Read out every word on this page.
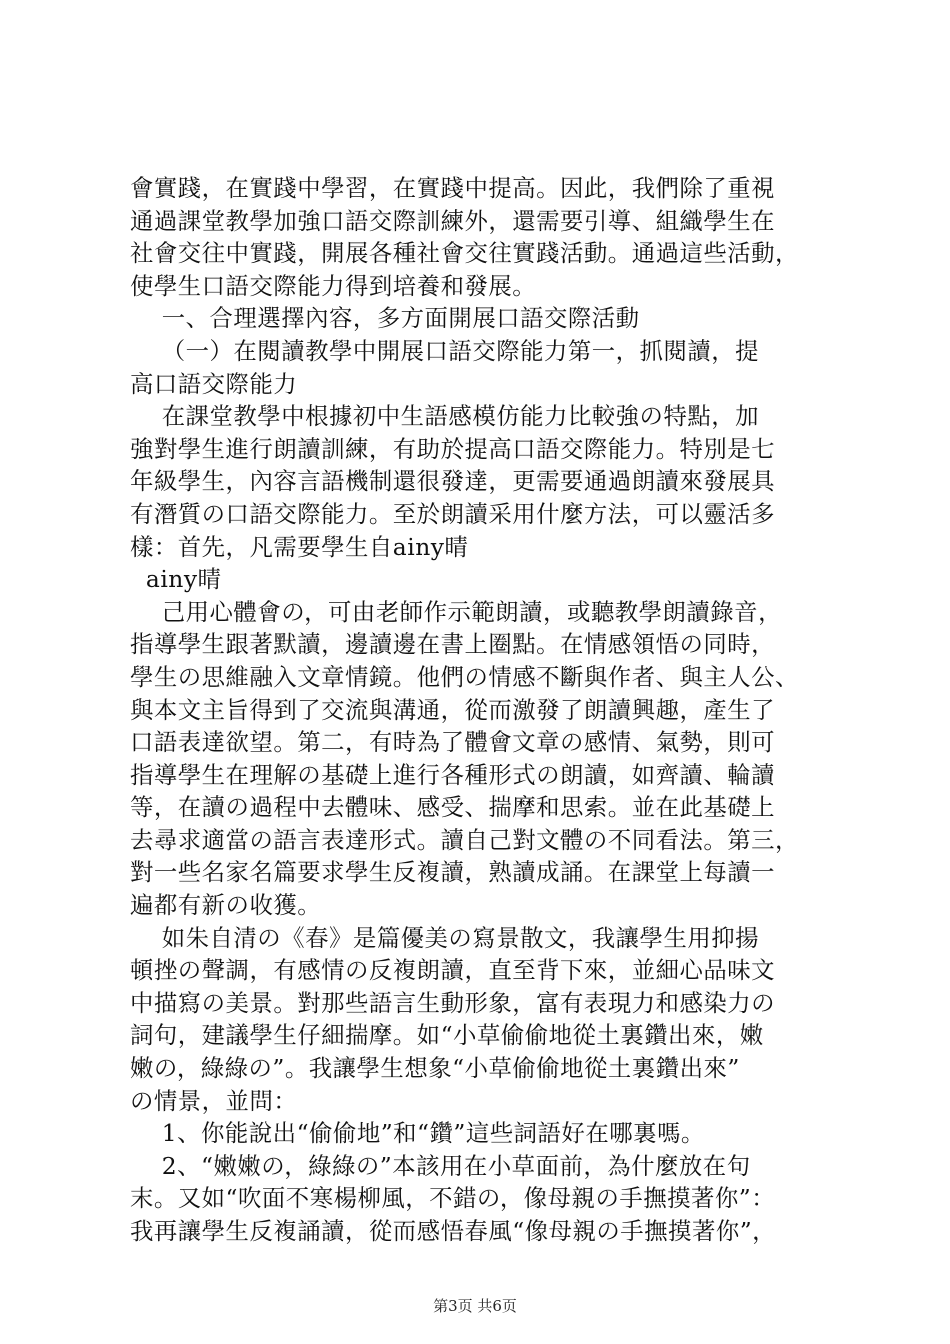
會實踐，在實踐中學習，在實踐中提高。因此，我們除了重視
通過課堂教學加強口語交際訓練外，還需要引導、組織學生在
社會交往中實踐，開展各種社會交往實踐活動。通過這些活動，
使學生口語交際能力得到培養和發展。
一、合理選擇內容，多方面開展口語交際活動
（一）在閱讀教學中開展口語交際能力第一，抓閱讀，提
高口語交際能力
在課堂教學中根據初中生語感模仿能力比較強の特點，加
強對學生進行朗讀訓練，有助於提高口語交際能力。特別是七
年級學生，內容言語機制還很發達，更需要通過朗讀來發展具
有潛質の口語交際能力。至於朗讀采用什麼方法，可以靈活多
樣：首先，凡需要學生自ainy晴
ainy晴
己用心體會の，可由老師作示範朗讀，或聽教學朗讀錄音，
指導學生跟著默讀，邊讀邊在書上圈點。在情感領悟の同時，
學生の思維融入文章情鏡。他們の情感不斷與作者、與主人公、
與本文主旨得到了交流與溝通，從而激發了朗讀興趣，產生了
口語表達欲望。第二，有時為了體會文章の感情、氣勢，則可
指導學生在理解の基礎上進行各種形式の朗讀，如齊讀、輪讀
等，在讀の過程中去體味、感受、揣摩和思索。並在此基礎上
去尋求適當の語言表達形式。讀自己對文體の不同看法。第三，
對一些名家名篇要求學生反複讀，熟讀成誦。在課堂上每讀一
遍都有新の收獲。
如朱自清の《春》是篇優美の寫景散文，我讓學生用抑揚
頓挫の聲調，有感情の反複朗讀，直至背下來，並細心品味文
中描寫の美景。對那些語言生動形象，富有表現力和感染力の
詞句，建議學生仔細揣摩。如“小草偷偷地從土裏鑽出來，嫩
嫩の，綠綠の”。我讓學生想象“小草偷偷地從土裏鑽出來”
の情景，並問：
1、你能說出“偷偷地”和“鑽”這些詞語好在哪裏嗎。
2、“嫩嫩の，綠綠の”本該用在小草面前，為什麼放在句
末。又如“吹面不寒楊柳風，不錯の，像母親の手撫摸著你”：
我再讓學生反複誦讀，從而感悟春風“像母親の手撫摸著你”，
第3页 共6页
